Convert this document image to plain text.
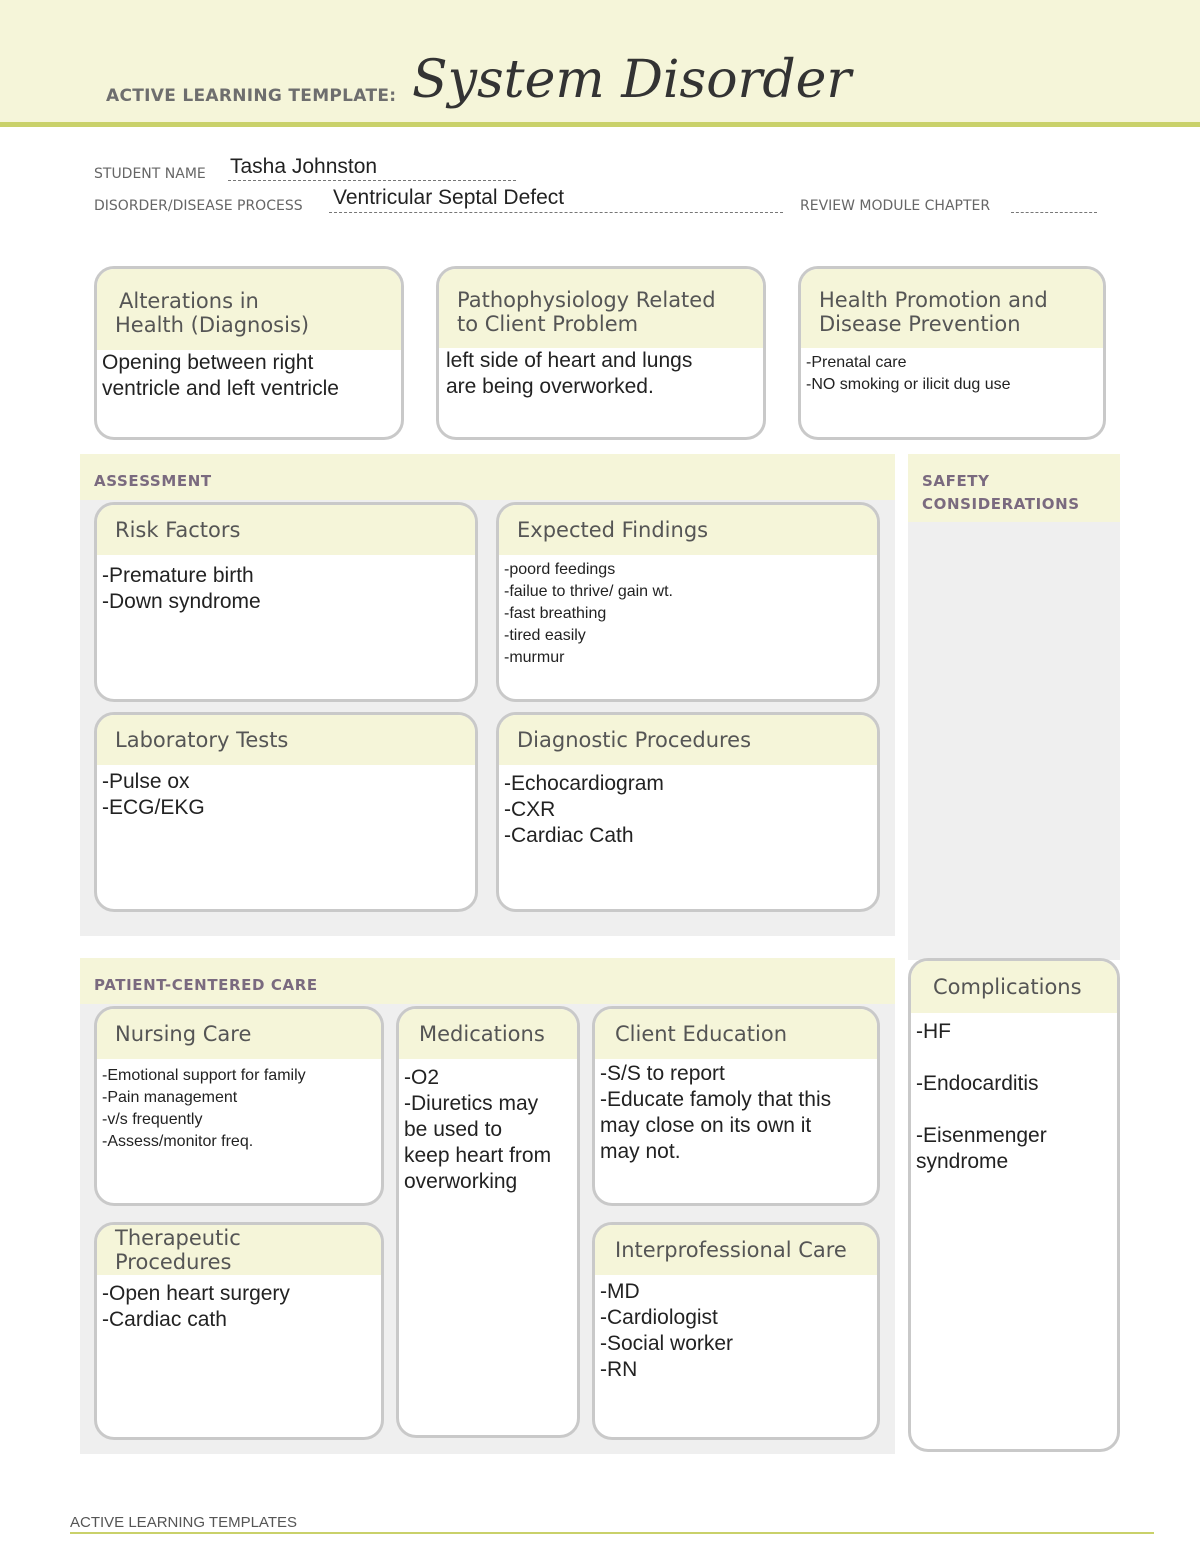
ACTIVE LEARNING TEMPLATE: System Disorder
STUDENT NAME Tasha Johnston
DISORDER/DISEASE PROCESS Ventricular Septal Defect	REVIEW MODULE CHAPTER
Alterations in
Health (Diagnosis)
Opening between right
ventricle and left ventricle
Pathophysiology Related
to Client Problem
left side of heart and lungs
are being overworked.
Health Promotion and
Disease Prevention
-Prenatal care
-NO smoking or ilicit dug use
ASSESSMENT
Risk Factors
-Premature birth
-Down syndrome
Expected Findings
-poord feedings
-failue to thrive/ gain wt.
-fast breathing
-tired easily
-murmur
Laboratory Tests
-Pulse ox
-ECG/EKG
Diagnostic Procedures
-Echocardiogram
-CXR
-Cardiac Cath
SAFETY
CONSIDERATIONS
Complications
-HF

-Endocarditis

-Eisenmenger
syndrome
PATIENT-CENTERED CARE
Nursing Care
-Emotional support for family
-Pain management
-v/s frequently
-Assess/monitor freq.
Medications
-O2
-Diuretics may
be used to
keep heart from
overworking
Client Education
-S/S to report
-Educate famoly that this
may close on its own it
may not.
Therapeutic Procedures
-Open heart surgery
-Cardiac cath
Interprofessional Care
-MD
-Cardiologist
-Social worker
-RN
ACTIVE LEARNING TEMPLATES
